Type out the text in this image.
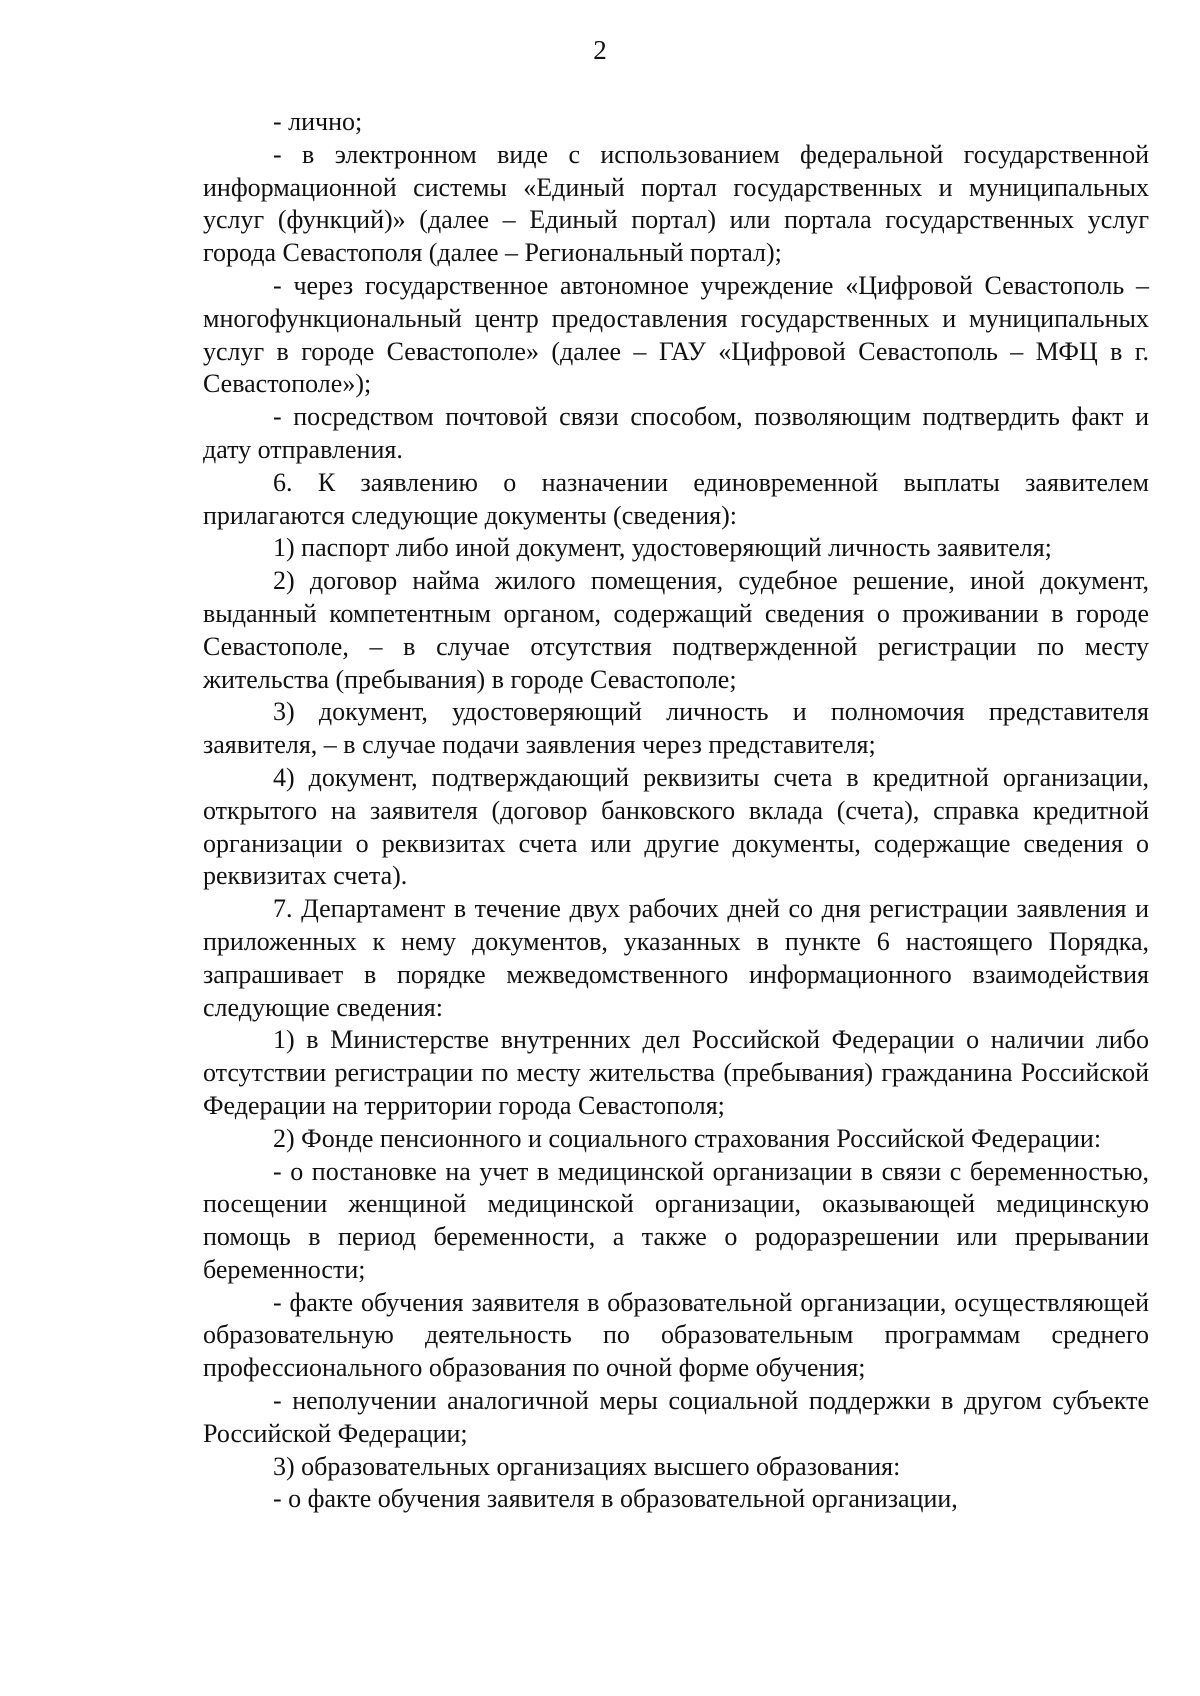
2

- лично;

- в электронном виде с использованием федеральной государственной информационной системы «Единый портал государственных и муниципальных услуг (функций)» (далее – Единый портал) или портала государственных услуг города Севастополя (далее – Региональный портал);

- через государственное автономное учреждение «Цифровой Севастополь – многофункциональный центр предоставления государственных и муниципальных услуг в городе Севастополе» (далее – ГАУ «Цифровой Севастополь – МФЦ в г. Севастополе»);

- посредством почтовой связи способом, позволяющим подтвердить факт и дату отправления.

6. К заявлению о назначении единовременной выплаты заявителем прилагаются следующие документы (сведения):

1) паспорт либо иной документ, удостоверяющий личность заявителя;

2) договор найма жилого помещения, судебное решение, иной документ, выданный компетентным органом, содержащий сведения о проживании в городе Севастополе, – в случае отсутствия подтвержденной регистрации по месту жительства (пребывания) в городе Севастополе;

3) документ, удостоверяющий личность и полномочия представителя заявителя, – в случае подачи заявления через представителя;

4) документ, подтверждающий реквизиты счета в кредитной организации, открытого на заявителя (договор банковского вклада (счета), справка кредитной организации о реквизитах счета или другие документы, содержащие сведения о реквизитах счета).

7. Департамент в течение двух рабочих дней со дня регистрации заявления и приложенных к нему документов, указанных в пункте 6 настоящего Порядка, запрашивает в порядке межведомственного информационного взаимодействия следующие сведения:

1) в Министерстве внутренних дел Российской Федерации о наличии либо отсутствии регистрации по месту жительства (пребывания) гражданина Российской Федерации на территории города Севастополя;

2) Фонде пенсионного и социального страхования Российской Федерации:

- о постановке на учет в медицинской организации в связи с беременностью, посещении женщиной медицинской организации, оказывающей медицинскую помощь в период беременности, а также о родоразрешении или прерывании беременности;

- факте обучения заявителя в образовательной организации, осуществляющей образовательную деятельность по образовательным программам среднего профессионального образования по очной форме обучения;

- неполучении аналогичной меры социальной поддержки в другом субъекте Российской Федерации;

3) образовательных организациях высшего образования:

- о факте обучения заявителя в образовательной организации,
